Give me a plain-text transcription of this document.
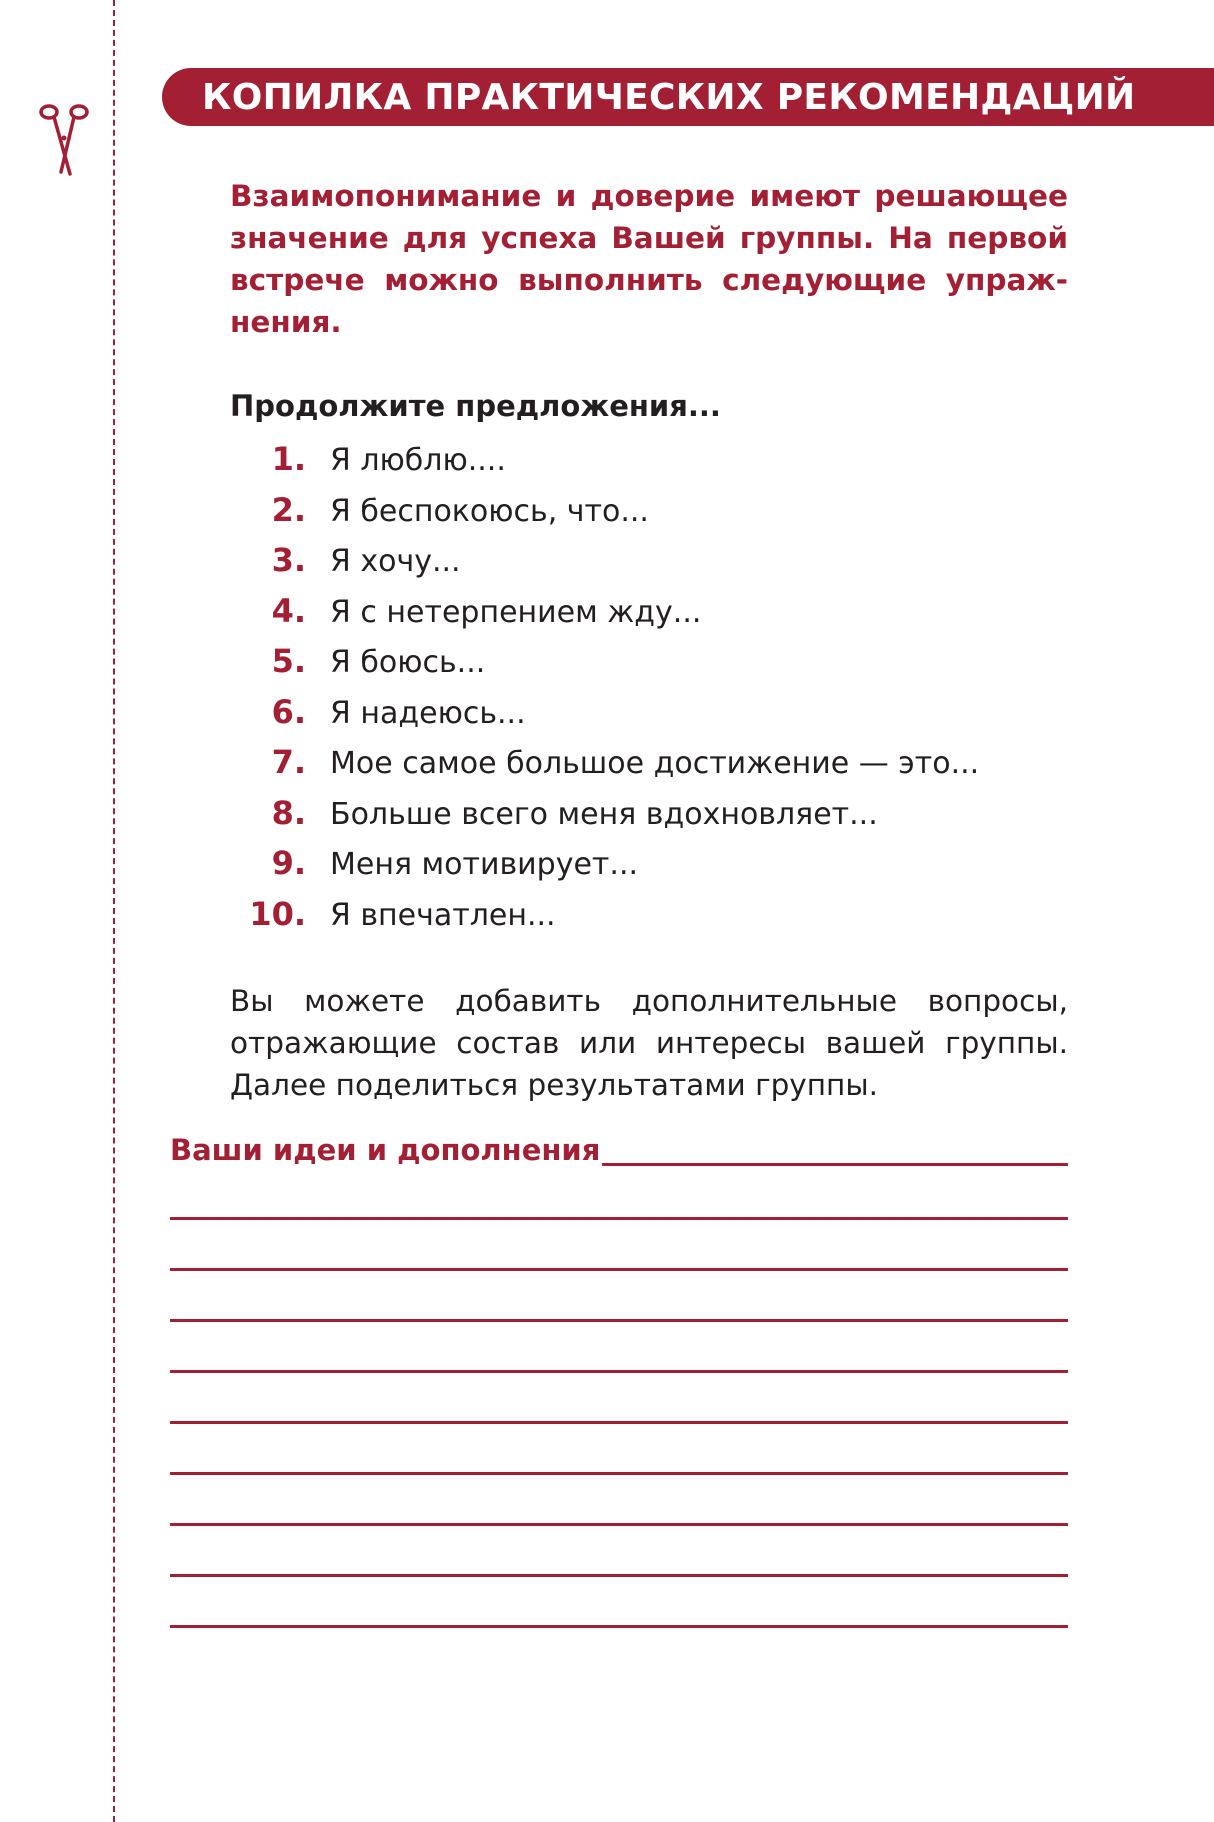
КОПИЛКА ПРАКТИЧЕСКИХ РЕКОМЕНДАЦИЙ

Взаимопонимание и доверие имеют решающее значение для успеха Вашей группы. На первой встрече можно выполнить следующие упражнения.

Продолжите предложения...
1. Я люблю....
2. Я беспокоюсь, что...
3. Я хочу...
4. Я с нетерпением жду...
5. Я боюсь...
6. Я надеюсь...
7. Мое самое большое достижение — это...
8. Больше всего меня вдохновляет...
9. Меня мотивирует...
10. Я впечатлен...

Вы можете добавить дополнительные вопросы, отражающие состав или интересы вашей группы. Далее поделиться результатами группы.

Ваши идеи и дополнения
